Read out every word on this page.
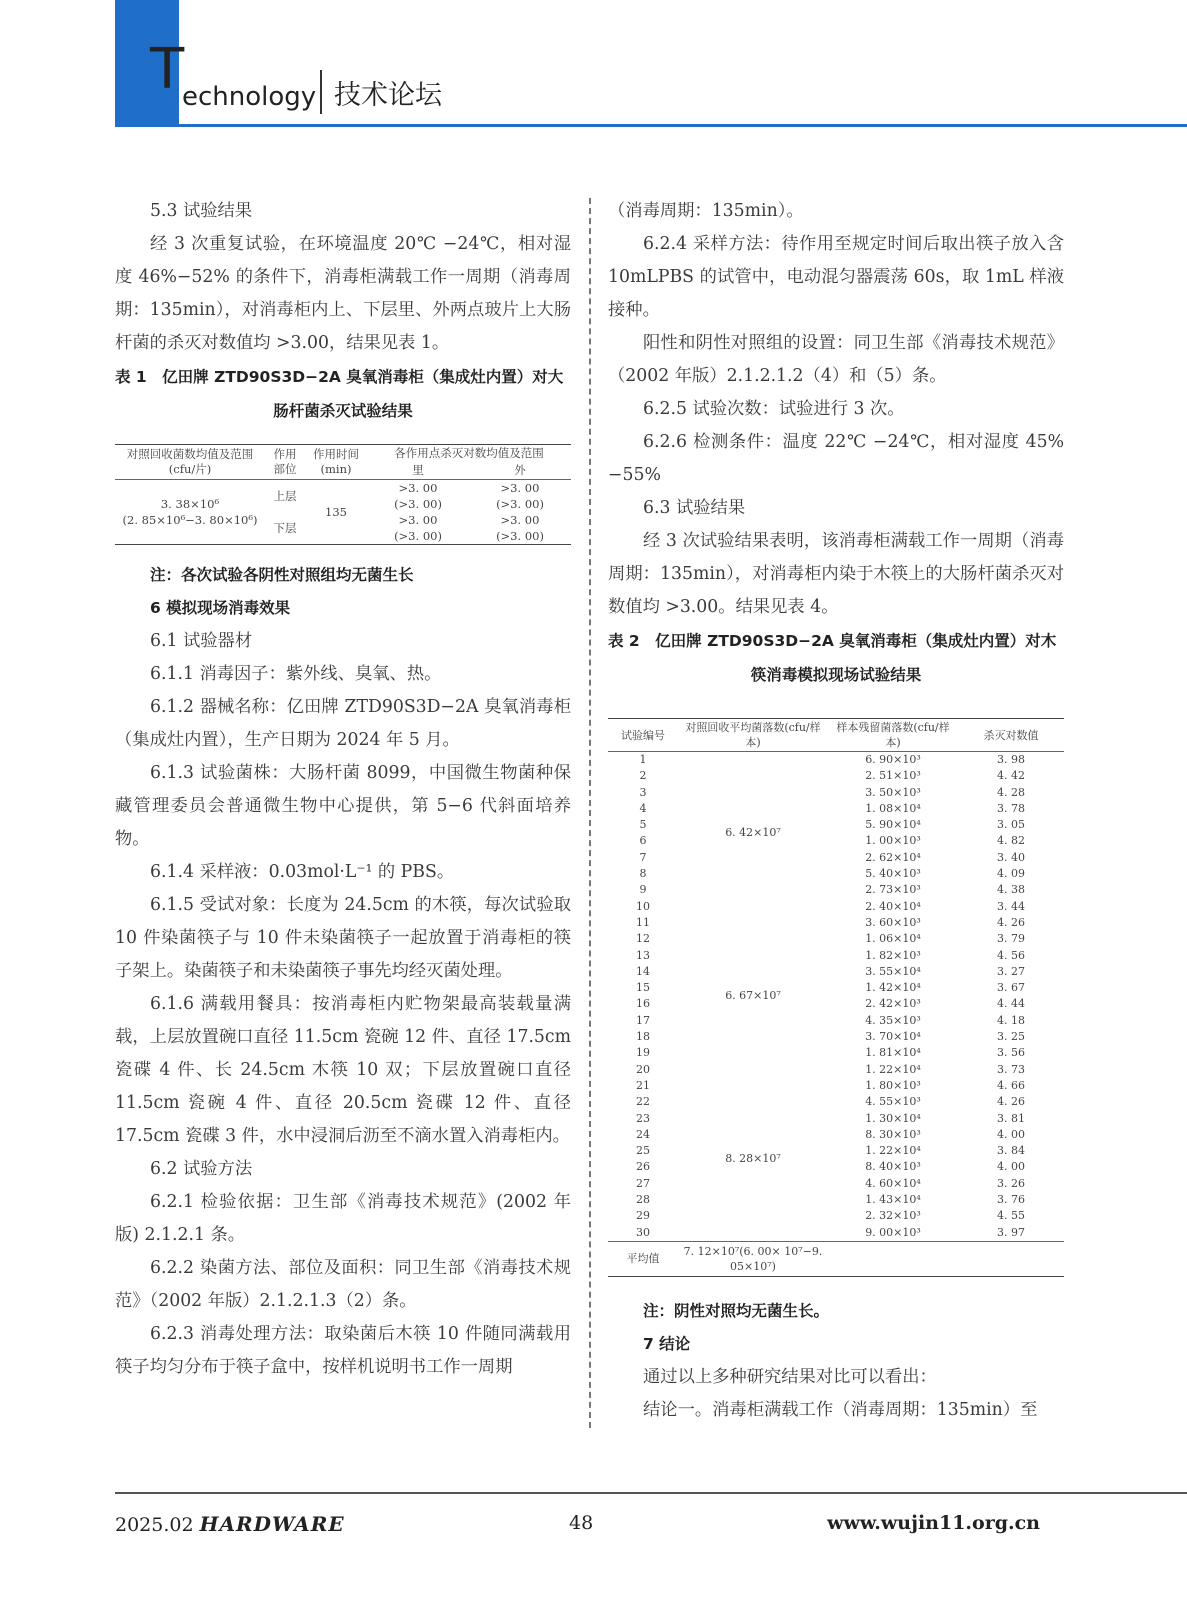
T
echnology 技术论坛
5.3 试验结果
经 3 次重复试验，在环境温度 20℃ −24℃，相对湿度 46%−52% 的条件下，消毒柜满载工作一周期（消毒周期：135min），对消毒柜内上、下层里、外两点玻片上大肠杆菌的杀灭对数值均 >3.00，结果见表 1。
表 1　亿田牌 ZTD90S3D−2A 臭氧消毒柜（集成灶内置）对大
肠杆菌杀灭试验结果
对照回收菌数均值及范围(cfu/片)	作用部位	作用时间(min)	各作用点杀灭对数均值及范围	
			里	外

3. 38×10⁶
(2. 85×10⁶−3. 80×10⁶)	上层	135	>3. 00	>3. 00
			(>3. 00)	(>3. 00)
	下层		>3. 00	>3. 00
			(>3. 00)	(>3. 00)
注：各次试验各阴性对照组均无菌生长
6 模拟现场消毒效果
6.1 试验器材
6.1.1 消毒因子：紫外线、臭氧、热。
6.1.2 器械名称：亿田牌 ZTD90S3D−2A 臭氧消毒柜（集成灶内置），生产日期为 2024 年 5 月。
6.1.3 试验菌株：大肠杆菌 8099，中国微生物菌种保藏管理委员会普通微生物中心提供，第 5−6 代斜面培养物。
6.1.4 采样液：0.03mol·L⁻¹ 的 PBS。
6.1.5 受试对象：长度为 24.5cm 的木筷，每次试验取 10 件染菌筷子与 10 件未染菌筷子一起放置于消毒柜的筷子架上。染菌筷子和未染菌筷子事先均经灭菌处理。
6.1.6 满载用餐具：按消毒柜内贮物架最高装载量满载，上层放置碗口直径 11.5cm 瓷碗 12 件、直径 17.5cm 瓷碟 4 件、长 24.5cm 木筷 10 双；下层放置碗口直径 11.5cm 瓷碗 4 件、直径 20.5cm 瓷碟 12 件、直径 17.5cm 瓷碟 3 件，水中浸洞后沥至不滴水置入消毒柜内。
6.2 试验方法
6.2.1 检验依据：卫生部《消毒技术规范》(2002 年版) 2.1.2.1 条。
6.2.2 染菌方法、部位及面积：同卫生部《消毒技术规范》（2002 年版）2.1.2.1.3（2）条。
6.2.3 消毒处理方法：取染菌后木筷 10 件随同满载用筷子均匀分布于筷子盒中，按样机说明书工作一周期
（消毒周期：135min）。
6.2.4 采样方法：待作用至规定时间后取出筷子放入含 10mLPBS 的试管中，电动混匀器震荡 60s，取 1mL 样液接种。
阳性和阴性对照组的设置：同卫生部《消毒技术规范》（2002 年版）2.1.2.1.2（4）和（5）条。
6.2.5 试验次数：试验进行 3 次。
6.2.6 检测条件：温度 22℃ −24℃，相对湿度 45%−55%
6.3 试验结果
经 3 次试验结果表明，该消毒柜满载工作一周期（消毒周期：135min），对消毒柜内染于木筷上的大肠杆菌杀灭对数值均 >3.00。结果见表 4。
表 2　亿田牌 ZTD90S3D−2A 臭氧消毒柜（集成灶内置）对木
筷消毒模拟现场试验结果
试验编号	对照回收平均菌落数(cfu/样本)	样本残留菌落数(cfu/样本)	杀灭对数值
1	6. 42×10⁷	6. 90×10³	3. 98
2		2. 51×10³	4. 42
3		3. 50×10³	4. 28
4		1. 08×10⁴	3. 78
5		5. 90×10⁴	3. 05
6		1. 00×10³	4. 82
7		2. 62×10⁴	3. 40
8		5. 40×10³	4. 09
9		2. 73×10³	4. 38
10		2. 40×10⁴	3. 44
11	6. 67×10⁷	3. 60×10³	4. 26
12		1. 06×10⁴	3. 79
13		1. 82×10³	4. 56
14		3. 55×10⁴	3. 27
15		1. 42×10⁴	3. 67
16		2. 42×10³	4. 44
17		4. 35×10³	4. 18
18		3. 70×10⁴	3. 25
19		1. 81×10⁴	3. 56
20		1. 22×10⁴	3. 73
21	8. 28×10⁷	1. 80×10³	4. 66
22		4. 55×10³	4. 26
23		1. 30×10⁴	3. 81
24		8. 30×10³	4. 00
25		1. 22×10⁴	3. 84
26		8. 40×10³	4. 00
27		4. 60×10⁴	3. 26
28		1. 43×10⁴	3. 76
29		2. 32×10³	4. 55
30		9. 00×10³	3. 97
平均值	7. 12×10⁷(6. 00× 10⁷−9. 05×10⁷)		
注：阴性对照均无菌生长。
7 结论
通过以上多种研究结果对比可以看出：
结论一。消毒柜满载工作（消毒周期：135min）至
2025.02 HARDWARE	48	www.wujin11.org.cn
